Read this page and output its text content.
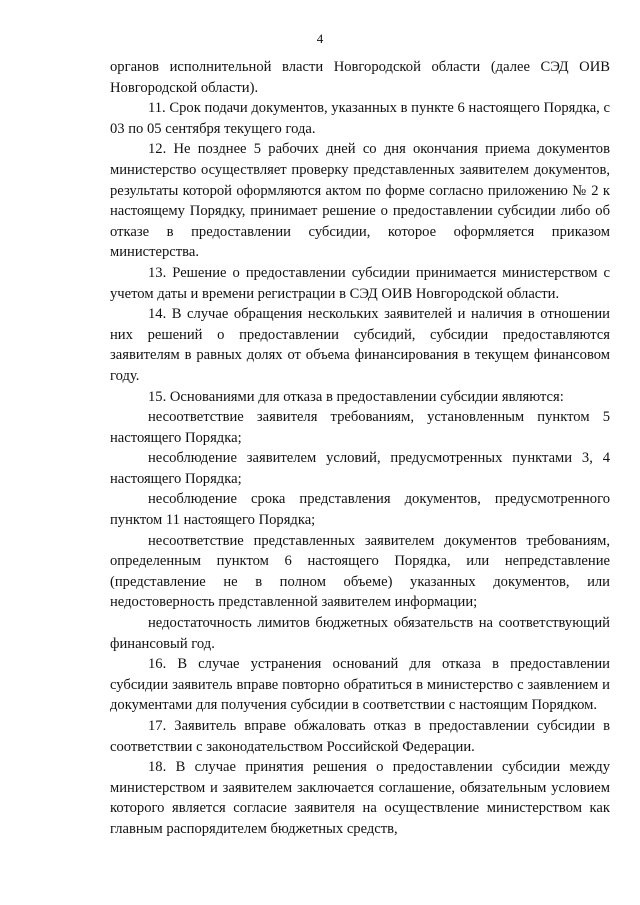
4

органов исполнительной власти Новгородской области (далее СЭД ОИВ Новгородской области).

11. Срок подачи документов, указанных в пункте 6 настоящего Порядка, с 03 по 05 сентября текущего года.

12. Не позднее 5 рабочих дней со дня окончания приема документов министерство осуществляет проверку представленных заявителем документов, результаты которой оформляются актом по форме согласно приложению № 2 к настоящему Порядку, принимает решение о предоставлении субсидии либо об отказе в предоставлении субсидии, которое оформляется приказом министерства.

13. Решение о предоставлении субсидии принимается министерством с учетом даты и времени регистрации в СЭД ОИВ Новгородской области.

14. В случае обращения нескольких заявителей и наличия в отношении них решений о предоставлении субсидий, субсидии предоставляются заявителям в равных долях от объема финансирования в текущем финансовом году.

15. Основаниями для отказа в предоставлении субсидии являются:

несоответствие заявителя требованиям, установленным пунктом 5 настоящего Порядка;

несоблюдение заявителем условий, предусмотренных пунктами 3, 4 настоящего Порядка;

несоблюдение срока представления документов, предусмотренного пунктом 11 настоящего Порядка;

несоответствие представленных заявителем документов требованиям, определенным пунктом 6 настоящего Порядка, или непредставление (представление не в полном объеме) указанных документов, или недостоверность представленной заявителем информации;

недостаточность лимитов бюджетных обязательств на соответствующий финансовый год.

16. В случае устранения оснований для отказа в предоставлении субсидии заявитель вправе повторно обратиться в министерство с заявлением и документами для получения субсидии в соответствии с настоящим Порядком.

17. Заявитель вправе обжаловать отказ в предоставлении субсидии в соответствии с законодательством Российской Федерации.

18. В случае принятия решения о предоставлении субсидии между министерством и заявителем заключается соглашение, обязательным условием которого является согласие заявителя на осуществление министерством как главным распорядителем бюджетных средств,
